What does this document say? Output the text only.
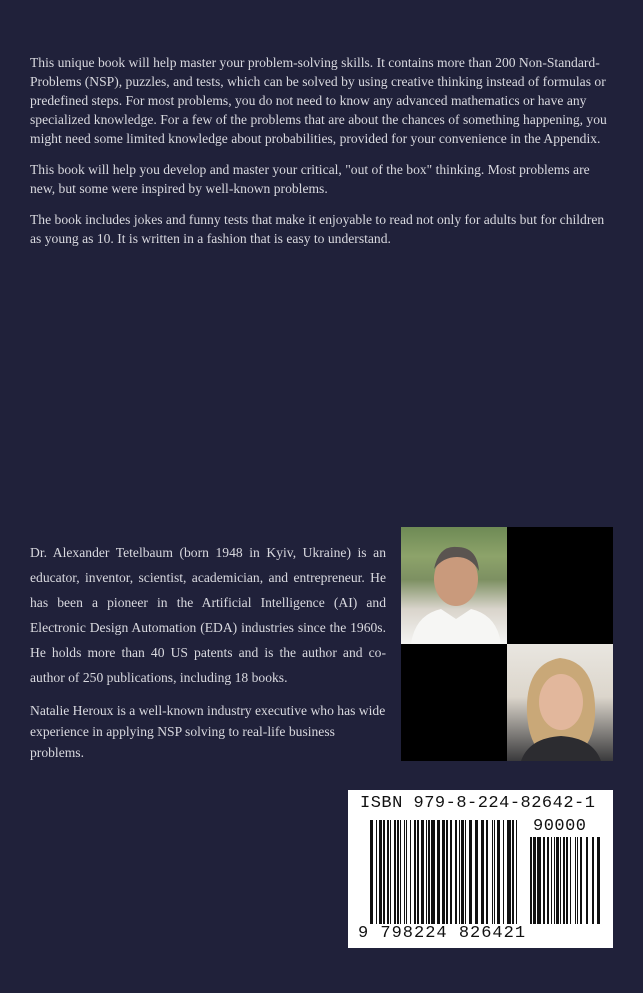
This unique book will help master your problem-solving skills. It contains more than 200 Non-Standard-Problems (NSP), puzzles, and tests, which can be solved by using creative thinking instead of formulas or predefined steps. For most problems, you do not need to know any advanced mathematics or have any specialized knowledge. For a few of the problems that are about the chances of something happening, you might need some limited knowledge about probabilities, provided for your convenience in the Appendix.

This book will help you develop and master your critical, "out of the box" thinking. Most problems are new, but some were inspired by well-known problems.

The book includes jokes and funny tests that make it enjoyable to read not only for adults but for children as young as 10. It is written in a fashion that is easy to understand.

Dr. Alexander Tetelbaum (born 1948 in Kyiv, Ukraine) is an educator, inventor, scientist, academician, and entrepreneur. He has been a pioneer in the Artificial Intelligence (AI) and Electronic Design Automation (EDA) industries since the 1960s. He holds more than 40 US patents and is the author and co-author of 250 publications, including 18 books.

Natalie Heroux is a well-known industry executive who has wide experience in applying NSP solving to real-life business problems.

ISBN 979-8-224-82642-1
90000
9 798224 826421
